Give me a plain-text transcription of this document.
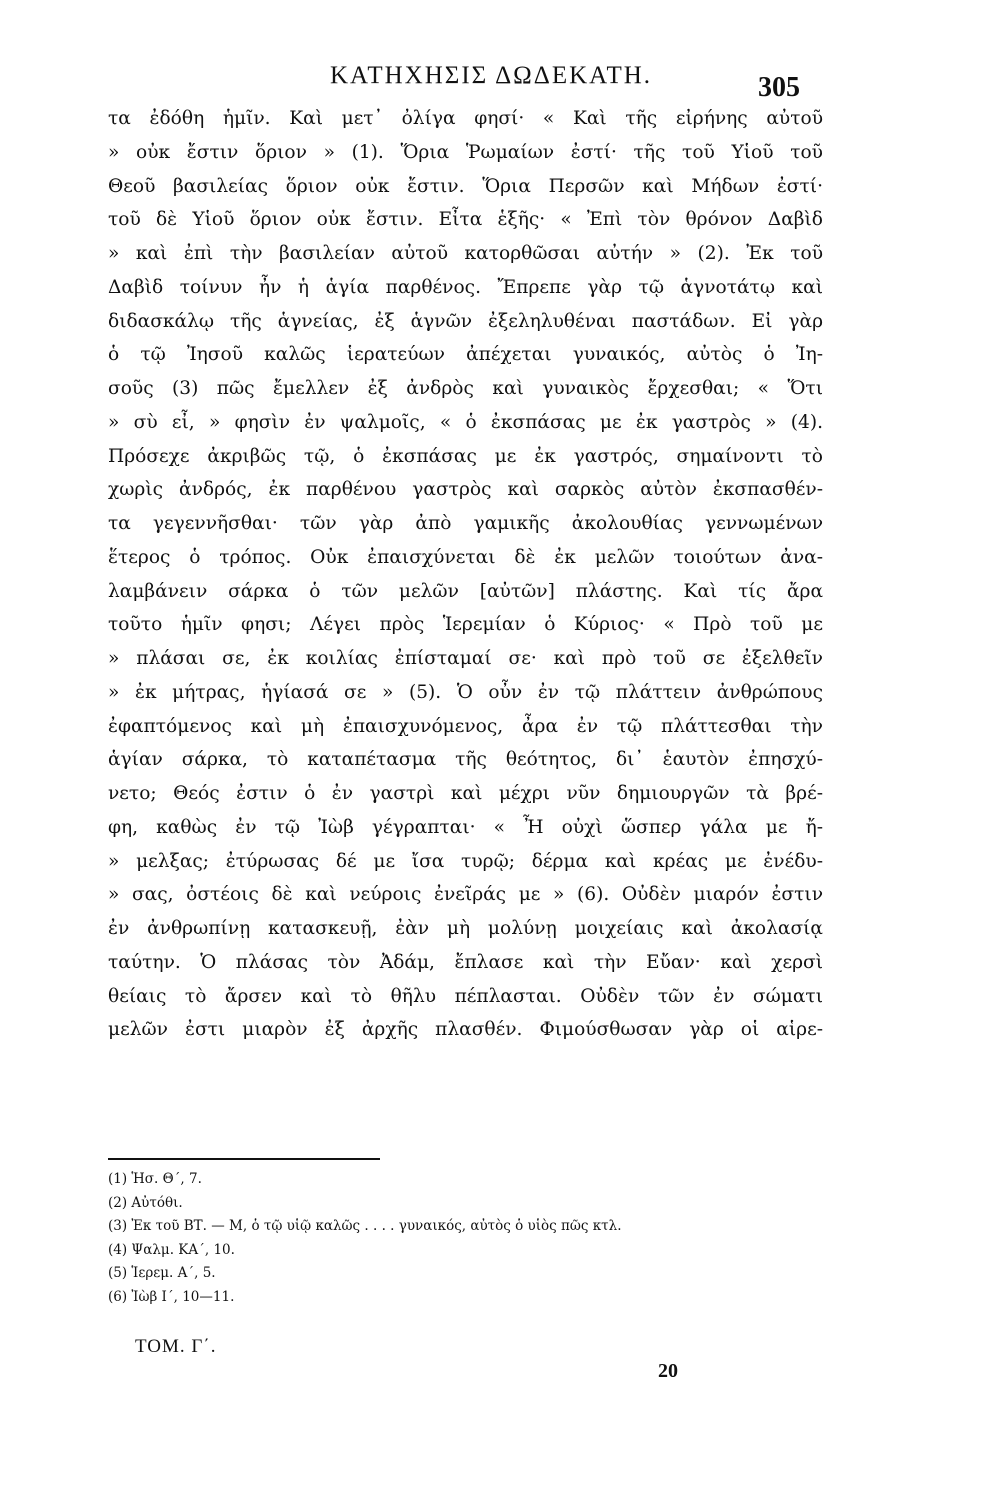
ΚΑΤΗΧΗΣΙΣ ΔΩΔΕΚΑΤΗ.	305
τα ἐδόθη ἡμῖν. Καὶ μετ᾽ ὀλίγα φησί· « Καὶ τῆς εἰρήνης αὐτοῦ
» οὐκ ἔστιν ὅριον » (1). Ὅρια Ῥωμαίων ἐστί· τῆς τοῦ Υἱοῦ τοῦ
Θεοῦ βασιλείας ὅριον οὐκ ἔστιν. Ὅρια Περσῶν καὶ Μήδων ἐστί·
τοῦ δὲ Υἱοῦ ὅριον οὐκ ἔστιν. Εἶτα ἑξῆς· « Ἐπὶ τὸν θρόνον Δαβὶδ
» καὶ ἐπὶ τὴν βασιλείαν αὐτοῦ κατορθῶσαι αὐτήν » (2). Ἐκ τοῦ
Δαβὶδ τοίνυν ἦν ἡ ἁγία παρθένος. Ἔπρεπε γὰρ τῷ ἁγνοτάτῳ καὶ
διδασκάλῳ τῆς ἁγνείας, ἐξ ἁγνῶν ἐξεληλυθέναι παστάδων. Εἰ γὰρ
ὁ τῷ Ἰησοῦ καλῶς ἱερατεύων ἀπέχεται γυναικός, αὐτὸς ὁ Ἰη-
σοῦς (3) πῶς ἔμελλεν ἐξ ἀνδρὸς καὶ γυναικὸς ἔρχεσθαι; « Ὅτι
» σὺ εἶ, » φησὶν ἐν ψαλμοῖς, « ὁ ἐκσπάσας με ἐκ γαστρὸς » (4).
Πρόσεχε ἀκριβῶς τῷ, ὁ ἐκσπάσας με ἐκ γαστρός, σημαίνοντι τὸ
χωρὶς ἀνδρός, ἐκ παρθένου γαστρὸς καὶ σαρκὸς αὐτὸν ἐκσπασθέν-
τα γεγεννῆσθαι· τῶν γὰρ ἀπὸ γαμικῆς ἀκολουθίας γεννωμένων
ἕτερος ὁ τρόπος. Οὐκ ἐπαισχύνεται δὲ ἐκ μελῶν τοιούτων ἀνα-
λαμβάνειν σάρκα ὁ τῶν μελῶν [αὐτῶν] πλάστης. Καὶ τίς ἄρα
τοῦτο ἡμῖν φησι; Λέγει πρὸς Ἱερεμίαν ὁ Κύριος· « Πρὸ τοῦ με
» πλάσαι σε, ἐκ κοιλίας ἐπίσταμαί σε· καὶ πρὸ τοῦ σε ἐξελθεῖν
» ἐκ μήτρας, ἡγίασά σε » (5). Ὁ οὖν ἐν τῷ πλάττειν ἀνθρώπους
ἐφαπτόμενος καὶ μὴ ἐπαισχυνόμενος, ἆρα ἐν τῷ πλάττεσθαι τὴν
ἁγίαν σάρκα, τὸ καταπέτασμα τῆς θεότητος, δι᾽ ἑαυτὸν ἐπησχύ-
νετο; Θεός ἐστιν ὁ ἐν γαστρὶ καὶ μέχρι νῦν δημιουργῶν τὰ βρέ-
φη, καθὼς ἐν τῷ Ἰὼβ γέγραπται· « Ἦ οὐχὶ ὥσπερ γάλα με ἤ-
» μελξας; ἐτύρωσας δέ με ἴσα τυρῷ; δέρμα καὶ κρέας με ἐνέδυ-
» σας, ὀστέοις δὲ καὶ νεύροις ἐνεῖράς με » (6). Οὐδὲν μιαρόν ἐστιν
ἐν ἀνθρωπίνῃ κατασκευῇ, ἐὰν μὴ μολύνῃ μοιχείαις καὶ ἀκολασίᾳ
ταύτην. Ὁ πλάσας τὸν Ἀδάμ, ἔπλασε καὶ τὴν Εὔαν· καὶ χερσὶ
θείαις τὸ ἄρσεν καὶ τὸ θῆλυ πέπλασται. Οὐδὲν τῶν ἐν σώματι
μελῶν ἐστι μιαρὸν ἐξ ἀρχῆς πλασθέν. Φιμούσθωσαν γὰρ οἱ αἱρε-
(1) Ἡσ. Θ΄, 7.
(2) Αὐτόθι.
(3) Ἐκ τοῦ ΒΤ. — Μ, ὁ τῷ υἱῷ καλῶς . . . . γυναικός, αὐτὸς ὁ υἱὸς πῶς κτλ.
(4) Ψαλμ. ΚΑ΄, 10.
(5) Ἱερεμ. Α΄, 5.
(6) Ἰὼβ Ι΄, 10—11.
ΤΟΜ. Γ΄.
20
